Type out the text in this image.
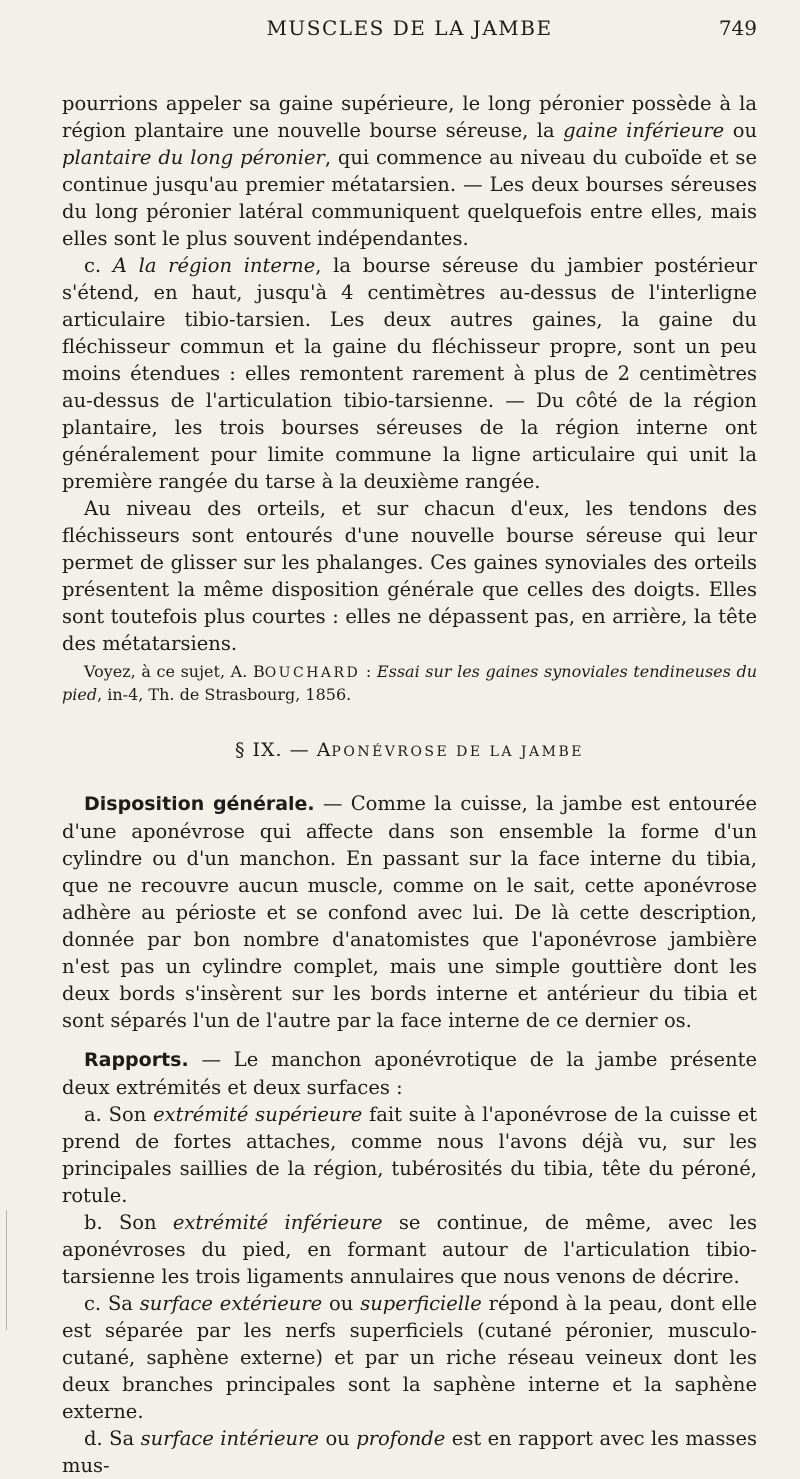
MUSCLES DE LA JAMBE	749

pourrions appeler sa gaine supérieure, le long péronier possède à la région plantaire une nouvelle bourse séreuse, la gaine inférieure ou plantaire du long péronier, qui commence au niveau du cuboïde et se continue jusqu'au premier métatarsien. — Les deux bourses séreuses du long péronier latéral communiquent quelquefois entre elles, mais elles sont le plus souvent indépendantes.

c. A la région interne, la bourse séreuse du jambier postérieur s'étend, en haut, jusqu'à 4 centimètres au-dessus de l'interligne articulaire tibio-tarsien. Les deux autres gaines, la gaine du fléchisseur commun et la gaine du fléchisseur propre, sont un peu moins étendues : elles remontent rarement à plus de 2 centimètres au-dessus de l'articulation tibio-tarsienne. — Du côté de la région plantaire, les trois bourses séreuses de la région interne ont généralement pour limite commune la ligne articulaire qui unit la première rangée du tarse à la deuxième rangée.

Au niveau des orteils, et sur chacun d'eux, les tendons des fléchisseurs sont entourés d'une nouvelle bourse séreuse qui leur permet de glisser sur les phalanges. Ces gaines synoviales des orteils présentent la même disposition générale que celles des doigts. Elles sont toutefois plus courtes : elles ne dépassent pas, en arrière, la tête des métatarsiens.

Voyez, à ce sujet, A. BOUCHARD : Essai sur les gaines synoviales tendineuses du pied, in-4, Th. de Strasbourg, 1856.

§ IX. — APONÉVROSE DE LA JAMBE

Disposition générale. — Comme la cuisse, la jambe est entourée d'une aponévrose qui affecte dans son ensemble la forme d'un cylindre ou d'un manchon. En passant sur la face interne du tibia, que ne recouvre aucun muscle, comme on le sait, cette aponévrose adhère au périoste et se confond avec lui. De là cette description, donnée par bon nombre d'anatomistes que l'aponévrose jambière n'est pas un cylindre complet, mais une simple gouttière dont les deux bords s'insèrent sur les bords interne et antérieur du tibia et sont séparés l'un de l'autre par la face interne de ce dernier os.

Rapports. — Le manchon aponévrotique de la jambe présente deux extrémités et deux surfaces :

a. Son extrémité supérieure fait suite à l'aponévrose de la cuisse et prend de fortes attaches, comme nous l'avons déjà vu, sur les principales saillies de la région, tubérosités du tibia, tête du péroné, rotule.

b. Son extrémité inférieure se continue, de même, avec les aponévroses du pied, en formant autour de l'articulation tibio-tarsienne les trois ligaments annulaires que nous venons de décrire.

c. Sa surface extérieure ou superficielle répond à la peau, dont elle est séparée par les nerfs superficiels (cutané péronier, musculo-cutané, saphène externe) et par un riche réseau veineux dont les deux branches principales sont la saphène interne et la saphène externe.

d. Sa surface intérieure ou profonde est en rapport avec les masses mus-
